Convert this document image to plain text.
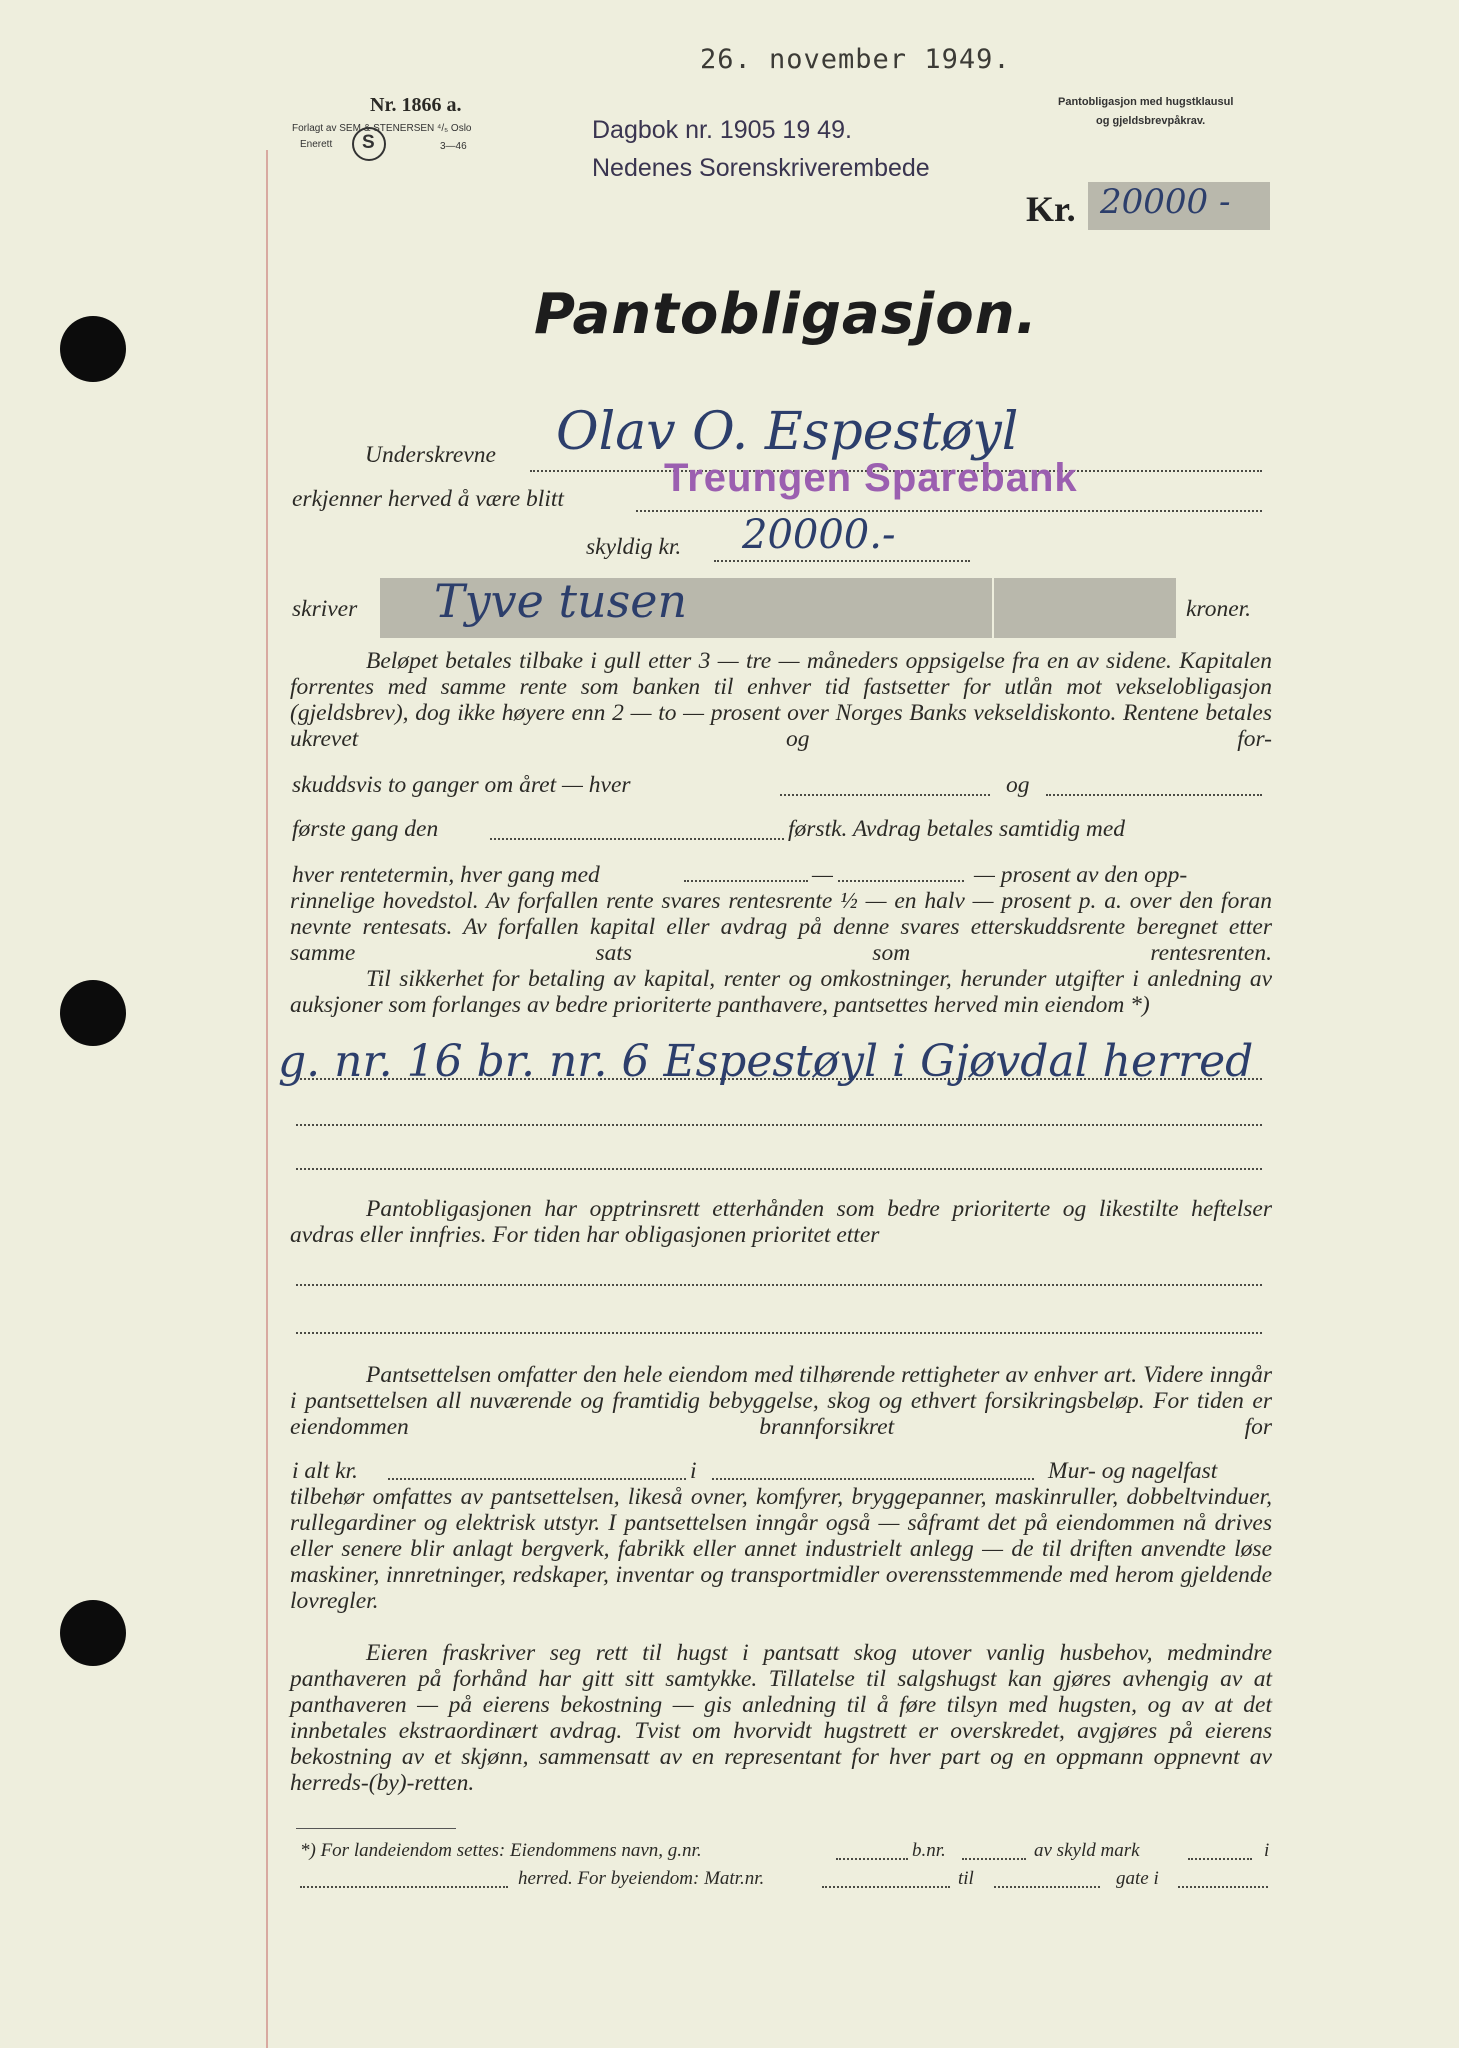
26. november 1949.
Nr. 1866 a.
Forlagt av SEM & STENERSEN ⁴/₅ Oslo
Enerett	3—46
S	Dagbok nr. 1905 19 49.
Nedenes Sorenskriverembede
Pantobligasjon med hugstklausul
og gjeldsbrevpåkrav.
Kr. 20000 -
Pantobligasjon.
Underskrevne Olav O. Espestøyl
erkjenner herved å være blitt	Treungen Sparebank
skyldig kr. 20000.-
skriver Tyve tusen	kroner.
Beløpet betales tilbake i gull etter 3 — tre — måneders oppsigelse fra en av sidene. Kapitalen forrentes med samme rente som banken til enhver tid fastsetter for utlån mot vekselobligasjon (gjeldsbrev), dog ikke høyere enn 2 — to — prosent over Norges Banks vekseldiskonto. Rentene betales ukrevet og for-
skuddsvis to ganger om året — hver	og
første gang den	førstk. Avdrag betales samtidig med
hver rentetermin, hver gang med	—	— prosent av den opp-
rinnelige hovedstol. Av forfallen rente svares rentesrente ½ — en halv — prosent p. a. over den foran nevnte rentesats. Av forfallen kapital eller avdrag på denne svares etterskuddsrente beregnet etter samme sats som rentesrenten.
Til sikkerhet for betaling av kapital, renter og omkostninger, herunder utgifter i anledning av auksjoner som forlanges av bedre prioriterte panthavere, pantsettes herved min eiendom *)
g. nr. 16 br. nr. 6 Espestøyl i Gjøvdal herred
Pantobligasjonen har opptrinsrett etterhånden som bedre prioriterte og likestilte heftelser avdras eller innfries. For tiden har obligasjonen prioritet etter
Pantsettelsen omfatter den hele eiendom med tilhørende rettigheter av enhver art. Videre inngår i pantsettelsen all nuværende og framtidig bebyggelse, skog og ethvert forsikringsbeløp. For tiden er eiendommen brannforsikret for
i alt kr.	i	Mur- og nagelfast
tilbehør omfattes av pantsettelsen, likeså ovner, komfyrer, bryggepanner, maskinruller, dobbeltvinduer, rullegardiner og elektrisk utstyr. I pantsettelsen inngår også — såframt det på eiendommen nå drives eller senere blir anlagt bergverk, fabrikk eller annet industrielt anlegg — de til driften anvendte løse maskiner, innretninger, redskaper, inventar og transportmidler overensstemmende med herom gjeldende lovregler.
Eieren fraskriver seg rett til hugst i pantsatt skog utover vanlig husbehov, medmindre panthaveren på forhånd har gitt sitt samtykke. Tillatelse til salgshugst kan gjøres avhengig av at panthaveren — på eierens bekostning — gis anledning til å føre tilsyn med hugsten, og av at det innbetales ekstraordinært avdrag. Tvist om hvorvidt hugstrett er overskredet, avgjøres på eierens bekostning av et skjønn, sammensatt av en representant for hver part og en oppmann oppnevnt av herreds-(by)-retten.
*) For landeiendom settes: Eiendommens navn, g.nr.	b.nr.	av skyld mark	i
herred. For byeiendom: Matr.nr.	til	gate i
